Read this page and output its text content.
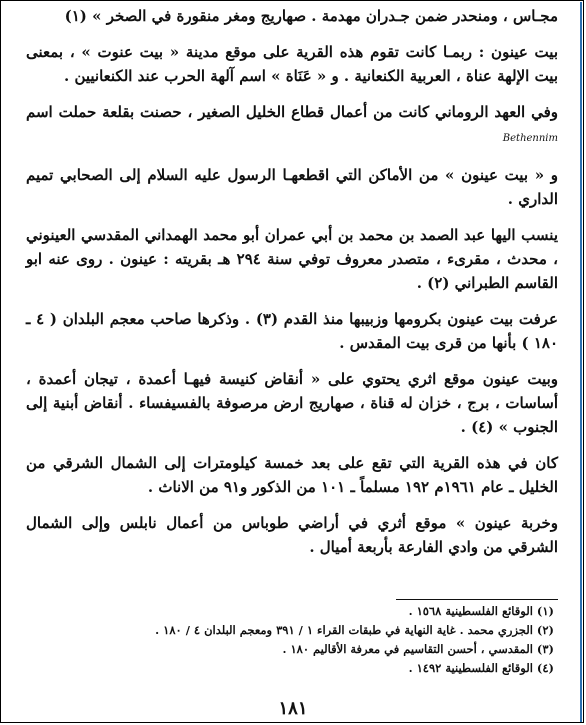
مجـاس ، ومنحدر ضمن جـدران مهدمة . صهاريج ومغر منقورة في الصخر » (١)

بيت عينون : ربمـا كانت تقوم هذه القرية على موقع مدينة « بيت عنوت » ، بمعنى بيت الإلهة عناة ، العربية الكنعانية . و « عَنَاة » اسم آلهة الحرب عند الكنعانيين .

وفي العهد الروماني كانت من أعمال قطاع الخليل الصغير ، حصنت بقلعة حملت اسم Bethennim

و « بيت عينون » من الأماكن التي اقطعهـا الرسول عليه السلام إلى الصحابي تميم الداري .

ينسب اليها عبد الصمد بن محمد بن أبي عمران أبو محمد الهمداني المقدسي العينوني ، محدث ، مقرىء ، متصدر معروف توفي سنة ٢٩٤ هـ بقريته : عينون . روى عنه ابو القاسم الطبراني (٢) .

عرفت بيت عينون بكرومها وزبيبها منذ القدم (٣) . وذكرها صاحب معجم البلدان ( ٤ ـ ١٨٠ ) بأنها من قرى بيت المقدس .

وبيت عينون موقع اثري يحتوي على « أنقاض كنيسة فيهـا أعمدة ، تيجان أعمدة ، أساسات ، برج ، خزان له قناة ، صهاريج ارض مرصوفة بالفسيفساء . أنقاض أبنية إلى الجنوب » (٤) .

كان في هذه القرية التي تقع على بعد خمسة كيلومترات إلى الشمال الشرقي من الخليل ـ عام ١٩٦١م ١٩٢ مسلماً ـ ١٠١ من الذكور و٩١ من الاناث .

وخربة عينون » موقع أثري في أراضي طوباس من أعمال نابلس وإلى الشمال الشرقي من وادي الفارعة بأربعة أميال .

(١) الوقائع الفلسطينية ١٥٦٨ .
(٢) الجزري محمد . غاية النهاية في طبقات القراء ١ / ٣٩١ ومعجم البلدان ٤ / ١٨٠ .
(٣) المقدسي ، أحسن التقاسيم في معرفة الأقاليم ١٨٠ .
(٤) الوقائع الفلسطينية ١٤٩٢ .
١٨١
